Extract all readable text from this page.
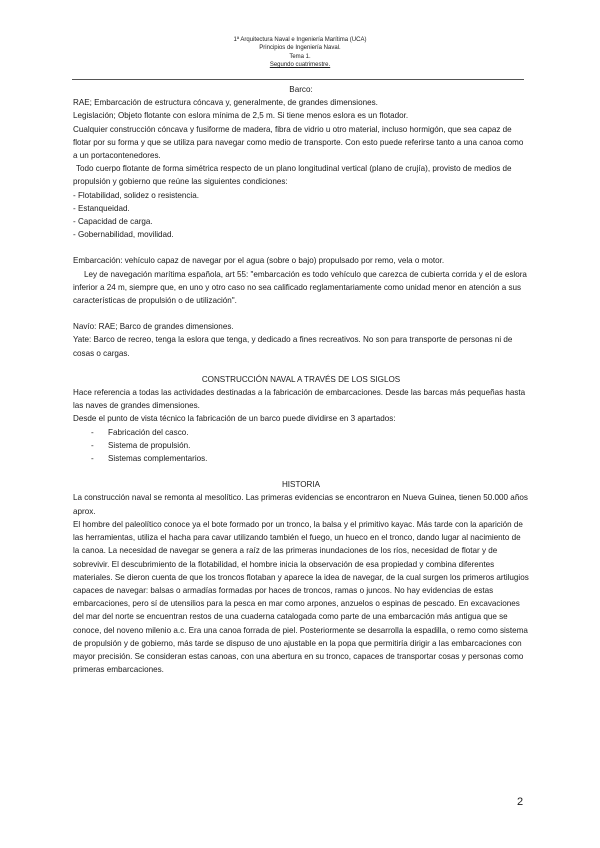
1ª Arquitectura Naval e Ingeniería Marítima (UCA)
Principios de Ingeniería Naval.
Tema 1.
Segundo cuatrimestre.

Barco:

RAE; Embarcación de estructura cóncava y, generalmente, de grandes dimensiones.

Legislación; Objeto flotante con eslora mínima de 2,5 m. Si tiene menos eslora es un flotador.

Cualquier construcción cóncava y fusiforme de madera, fibra de vidrio u otro material, incluso hormigón, que sea capaz de flotar por su forma y que se utiliza para navegar como medio de transporte. Con esto puede referirse tanto a una canoa como a un portacontenedores.

Todo cuerpo flotante de forma simétrica respecto de un plano longitudinal vertical (plano de crujía), provisto de medios de propulsión y gobierno que reúne las siguientes condiciones:

- Flotabilidad, solidez o resistencia.
- Estanqueidad.
- Capacidad de carga.
- Gobernabilidad, movilidad.

Embarcación: vehículo capaz de navegar por el agua (sobre o bajo) propulsado por remo, vela o motor.

Ley de navegación marítima española, art 55: "embarcación es todo vehículo que carezca de cubierta corrida y el de eslora inferior a 24 m, siempre que, en uno y otro caso no sea calificado reglamentariamente como unidad menor en atención a sus características de propulsión o de utilización".

Navío: RAE; Barco de grandes dimensiones.

Yate: Barco de recreo, tenga la eslora que tenga, y dedicado a fines recreativos. No son para transporte de personas ni de cosas o cargas.

CONSTRUCCIÓN NAVAL A TRAVÉS DE LOS SIGLOS

Hace referencia a todas las actividades destinadas a la fabricación de embarcaciones. Desde las barcas más pequeñas hasta las naves de grandes dimensiones.

Desde el punto de vista técnico la fabricación de un barco puede dividirse en 3 apartados:

- Fabricación del casco.
- Sistema de propulsión.
- Sistemas complementarios.

HISTORIA

La construcción naval se remonta al mesolítico. Las primeras evidencias se encontraron en Nueva Guinea, tienen 50.000 años aprox.

El hombre del paleolítico conoce ya el bote formado por un tronco, la balsa y el primitivo kayac. Más tarde con la aparición de las herramientas, utiliza el hacha para cavar utilizando también el fuego, un hueco en el tronco, dando lugar al nacimiento de la canoa. La necesidad de navegar se genera a raíz de las primeras inundaciones de los ríos, necesidad de flotar y de sobrevivir. El descubrimiento de la flotabilidad, el hombre inicia la observación de esa propiedad y combina diferentes materiales. Se dieron cuenta de que los troncos flotaban y aparece la idea de navegar, de la cual surgen los primeros artilugios capaces de navegar: balsas o armadías formadas por haces de troncos, ramas o juncos. No hay evidencias de estas embarcaciones, pero sí de utensilios para la pesca en mar como arpones, anzuelos o espinas de pescado. En excavaciones del mar del norte se encuentran restos de una cuaderna catalogada como parte de una embarcación más antigua que se conoce, del noveno milenio a.c. Era una canoa forrada de piel. Posteriormente se desarrolla la espadilla, o remo como sistema de propulsión y de gobierno, más tarde se dispuso de uno ajustable en la popa que permitiría dirigir a las embarcaciones con mayor precisión. Se consideran estas canoas, con una abertura en su tronco, capaces de transportar cosas y personas como primeras embarcaciones.

2
